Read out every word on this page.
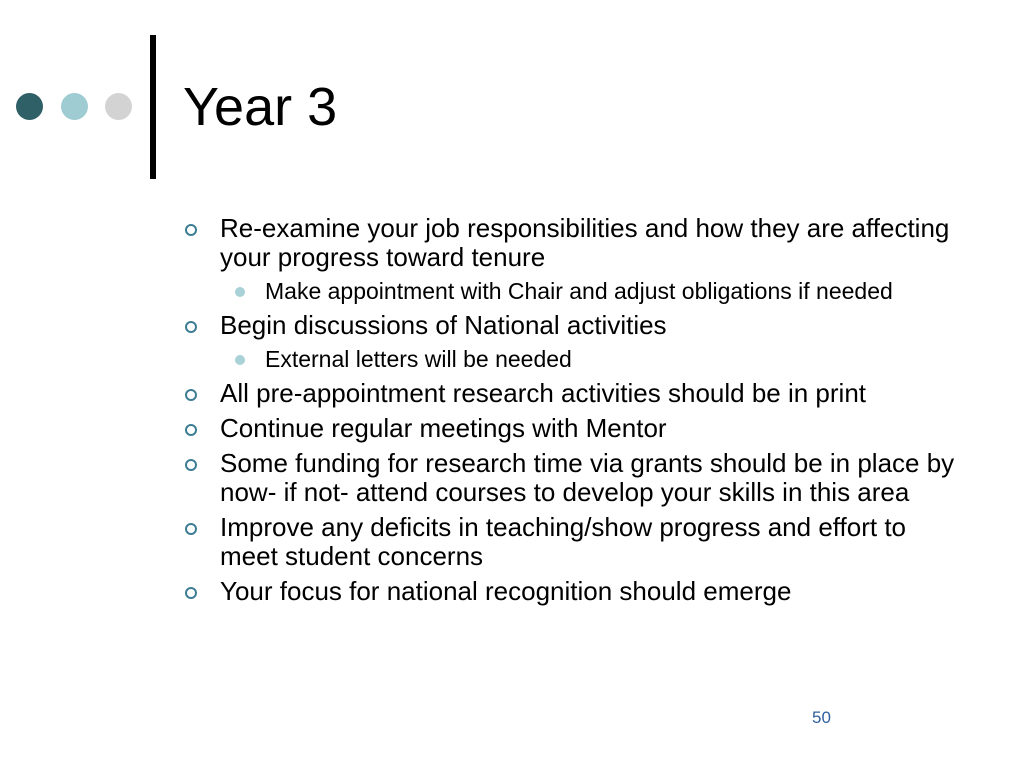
Year 3
Re-examine your job responsibilities and how they are affecting your progress toward tenure
Make appointment with Chair and adjust obligations if needed
Begin discussions of National activities
External letters will be needed
All pre-appointment research activities should be in print
Continue regular meetings with Mentor
Some funding for research time via grants should be in place by now- if not- attend courses to develop your skills in this area
Improve any deficits in teaching/show progress and effort to meet student concerns
Your focus for national recognition should emerge
50
